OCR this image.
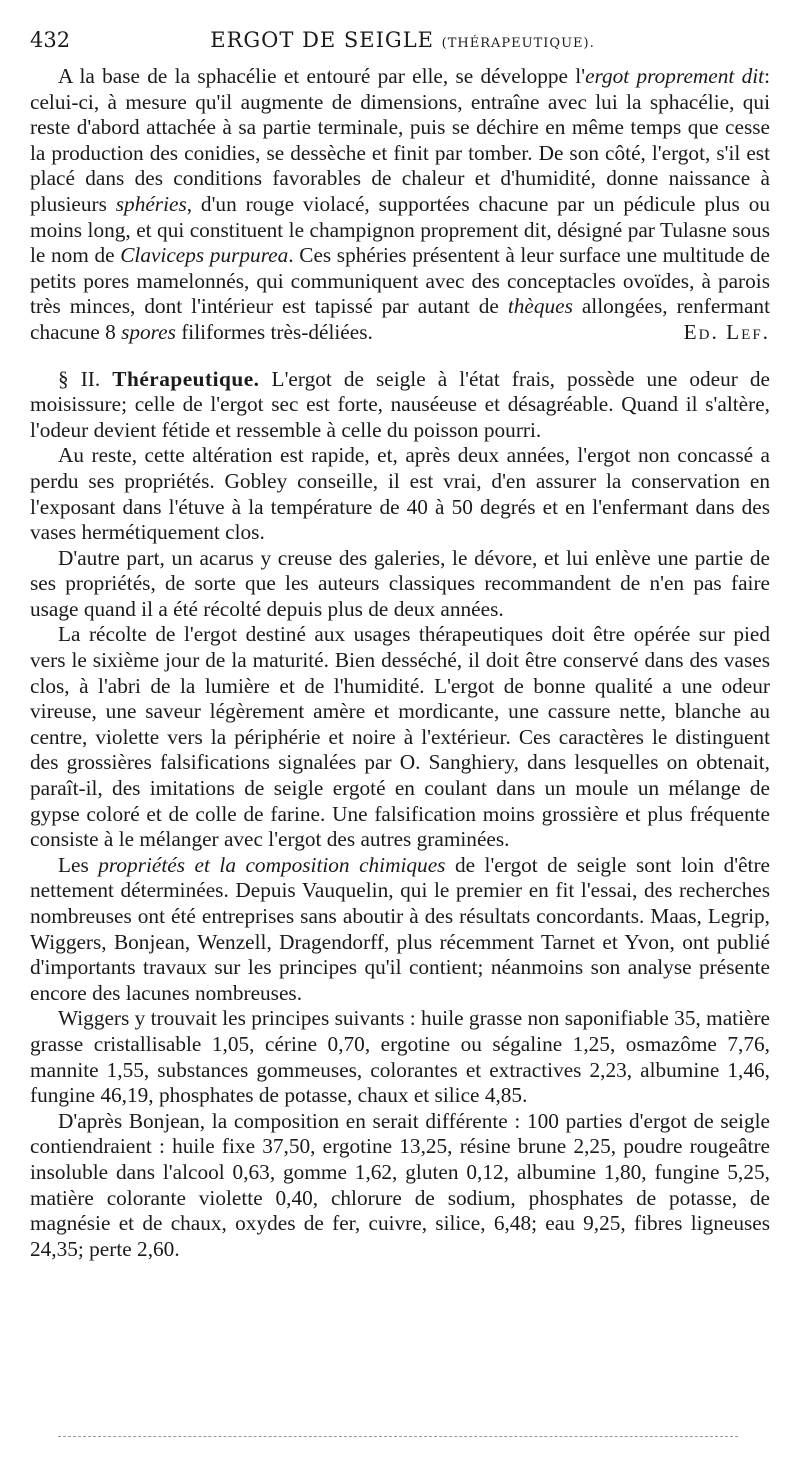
432	ERGOT DE SEIGLE (THÉRAPEUTIQUE).

A la base de la sphacélie et entouré par elle, se développe l'ergot proprement dit: celui-ci, à mesure qu'il augmente de dimensions, entraîne avec lui la sphacélie, qui reste d'abord attachée à sa partie terminale, puis se déchire en même temps que cesse la production des conidies, se dessèche et finit par tomber. De son côté, l'ergot, s'il est placé dans des conditions favorables de chaleur et d'humidité, donne naissance à plusieurs sphéries, d'un rouge violacé, supportées chacune par un pédicule plus ou moins long, et qui constituent le champignon proprement dit, désigné par Tulasne sous le nom de Claviceps purpurea. Ces sphéries présentent à leur surface une multitude de petits pores mamelonnés, qui communiquent avec des conceptacles ovoïdes, à parois très minces, dont l'intérieur est tapissé par autant de thèques allongées, renfermant chacune 8 spores filiformes très-déliées.	Ed. Lef.

§ II. Thérapeutique. L'ergot de seigle à l'état frais, possède une odeur de moisissure; celle de l'ergot sec est forte, nauséeuse et désagréable. Quand il s'altère, l'odeur devient fétide et ressemble à celle du poisson pourri.

Au reste, cette altération est rapide, et, après deux années, l'ergot non concassé a perdu ses propriétés. Gobley conseille, il est vrai, d'en assurer la conservation en l'exposant dans l'étuve à la température de 40 à 50 degrés et en l'enfermant dans des vases hermétiquement clos.

D'autre part, un acarus y creuse des galeries, le dévore, et lui enlève une partie de ses propriétés, de sorte que les auteurs classiques recommandent de n'en pas faire usage quand il a été récolté depuis plus de deux années.

La récolte de l'ergot destiné aux usages thérapeutiques doit être opérée sur pied vers le sixième jour de la maturité. Bien desséché, il doit être conservé dans des vases clos, à l'abri de la lumière et de l'humidité. L'ergot de bonne qualité a une odeur vireuse, une saveur légèrement amère et mordicante, une cassure nette, blanche au centre, violette vers la périphérie et noire à l'extérieur. Ces caractères le distinguent des grossières falsifications signalées par O. Sanghiery, dans lesquelles on obtenait, paraît-il, des imitations de seigle ergoté en coulant dans un moule un mélange de gypse coloré et de colle de farine. Une falsification moins grossière et plus fréquente consiste à le mélanger avec l'ergot des autres graminées.

Les propriétés et la composition chimiques de l'ergot de seigle sont loin d'être nettement déterminées. Depuis Vauquelin, qui le premier en fit l'essai, des recherches nombreuses ont été entreprises sans aboutir à des résultats concordants. Maas, Legrip, Wiggers, Bonjean, Wenzell, Dragendorff, plus récemment Tarnet et Yvon, ont publié d'importants travaux sur les principes qu'il contient; néanmoins son analyse présente encore des lacunes nombreuses.

Wiggers y trouvait les principes suivants : huile grasse non saponifiable 35, matière grasse cristallisable 1,05, cérine 0,70, ergotine ou ségaline 1,25, osmazôme 7,76, mannite 1,55, substances gommeuses, colorantes et extractives 2,23, albumine 1,46, fungine 46,19, phosphates de potasse, chaux et silice 4,85.

D'après Bonjean, la composition en serait différente : 100 parties d'ergot de seigle contiendraient : huile fixe 37,50, ergotine 13,25, résine brune 2,25, poudre rougeâtre insoluble dans l'alcool 0,63, gomme 1,62, gluten 0,12, albumine 1,80, fungine 5,25, matière colorante violette 0,40, chlorure de sodium, phosphates de potasse, de magnésie et de chaux, oxydes de fer, cuivre, silice, 6,48; eau 9,25, fibres ligneuses 24,35; perte 2,60.
